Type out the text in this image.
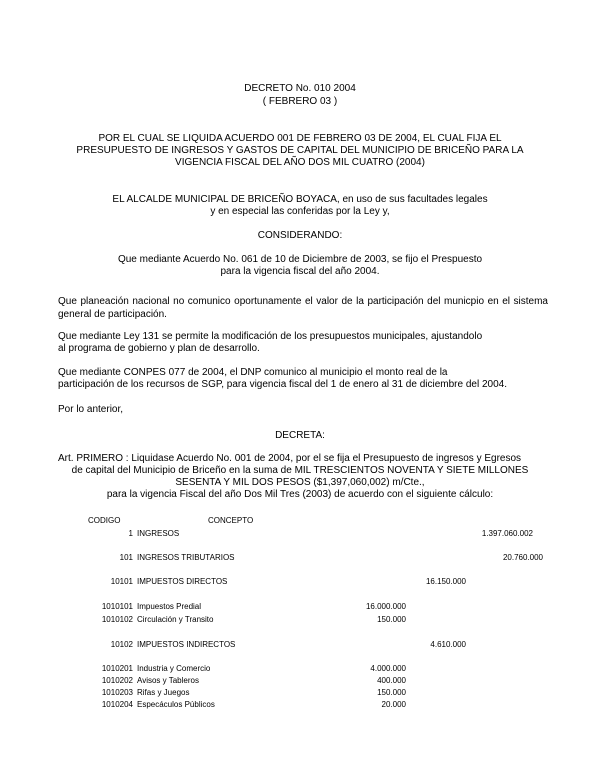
DECRETO No. 010 2004
( FEBRERO 03 )
POR EL CUAL SE LIQUIDA ACUERDO 001 DE FEBRERO 03 DE 2004, EL CUAL FIJA EL
PRESUPUESTO DE INGRESOS Y GASTOS DE CAPITAL DEL MUNICIPIO DE BRICEÑO PARA LA
VIGENCIA FISCAL DEL AÑO DOS MIL CUATRO (2004)
EL ALCALDE MUNICIPAL DE BRICEÑO BOYACA, en uso de sus facultades legales
y en especial las conferidas por la Ley y,
CONSIDERANDO:
Que mediante Acuerdo No. 061 de 10 de Diciembre de 2003, se fijo el Prespuesto
para la vigencia fiscal del año 2004.
Que planeación nacional no comunico oportunamente el valor de la participación del municpio en el sistema general de participación.
Que mediante Ley 131 se permite la modificación de los presupuestos municipales, ajustandolo
al programa de gobierno y plan de desarrollo.
Que mediante CONPES 077 de 2004, el DNP comunico al municipio el monto real de la
participación de los recursos de SGP, para vigencia fiscal del 1 de enero al 31 de diciembre del 2004.
Por lo anterior,
DECRETA:
Art. PRIMERO : Liquidase Acuerdo No. 001 de 2004, por el se fija el Presupuesto de ingresos y Egresos
de capital del Municipio de Briceño en la suma de MIL TRESCIENTOS NOVENTA Y SIETE MILLONES
SESENTA Y MIL DOS PESOS ($1,397,060,002) m/Cte.,
para la vigencia Fiscal del año Dos Mil Tres (2003) de acuerdo con el siguiente cálculo:
CODIGO	CONCEPTO
1 INGRESOS	1.397.060.002
101 INGRESOS TRIBUTARIOS	20.760.000
10101 IMPUESTOS DIRECTOS	16.150.000
1010101 Impuestos Predial	16.000.000
1010102 Circulación y Transito	150.000
10102 IMPUESTOS INDIRECTOS	4.610.000
1010201 Industria y Comercio	4.000.000
1010202 Avisos y Tableros	400.000
1010203 Rifas y Juegos	150.000
1010204 Especáculos Públicos	20.000
